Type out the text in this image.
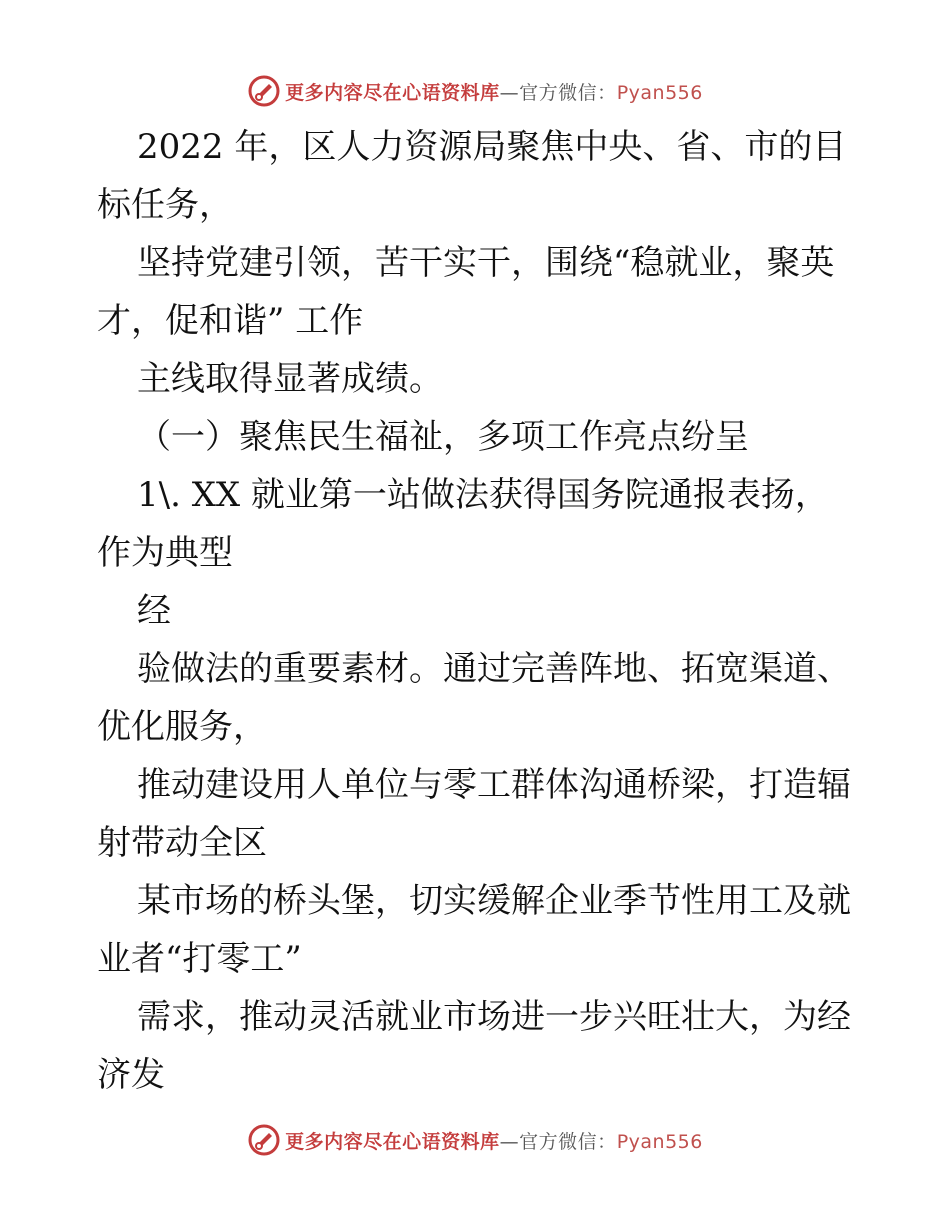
更多内容尽在心语资料库—官方微信：Pyan556
2022 年，区人力资源局聚焦中央、省、市的目
标任务，
坚持党建引领，苦干实干，围绕“稳就业，聚英
才，促和谐” 工作
主线取得显著成绩。
（一）聚焦民生福祉，多项工作亮点纷呈
1\. XX 就业第一站做法获得国务院通报表扬，
作为典型
经
验做法的重要素材。通过完善阵地、拓宽渠道、
优化服务，
推动建设用人单位与零工群体沟通桥梁，打造辐
射带动全区
某市场的桥头堡，切实缓解企业季节性用工及就
业者“打零工”
需求，推动灵活就业市场进一步兴旺壮大，为经
济发
更多内容尽在心语资料库—官方微信：Pyan556
